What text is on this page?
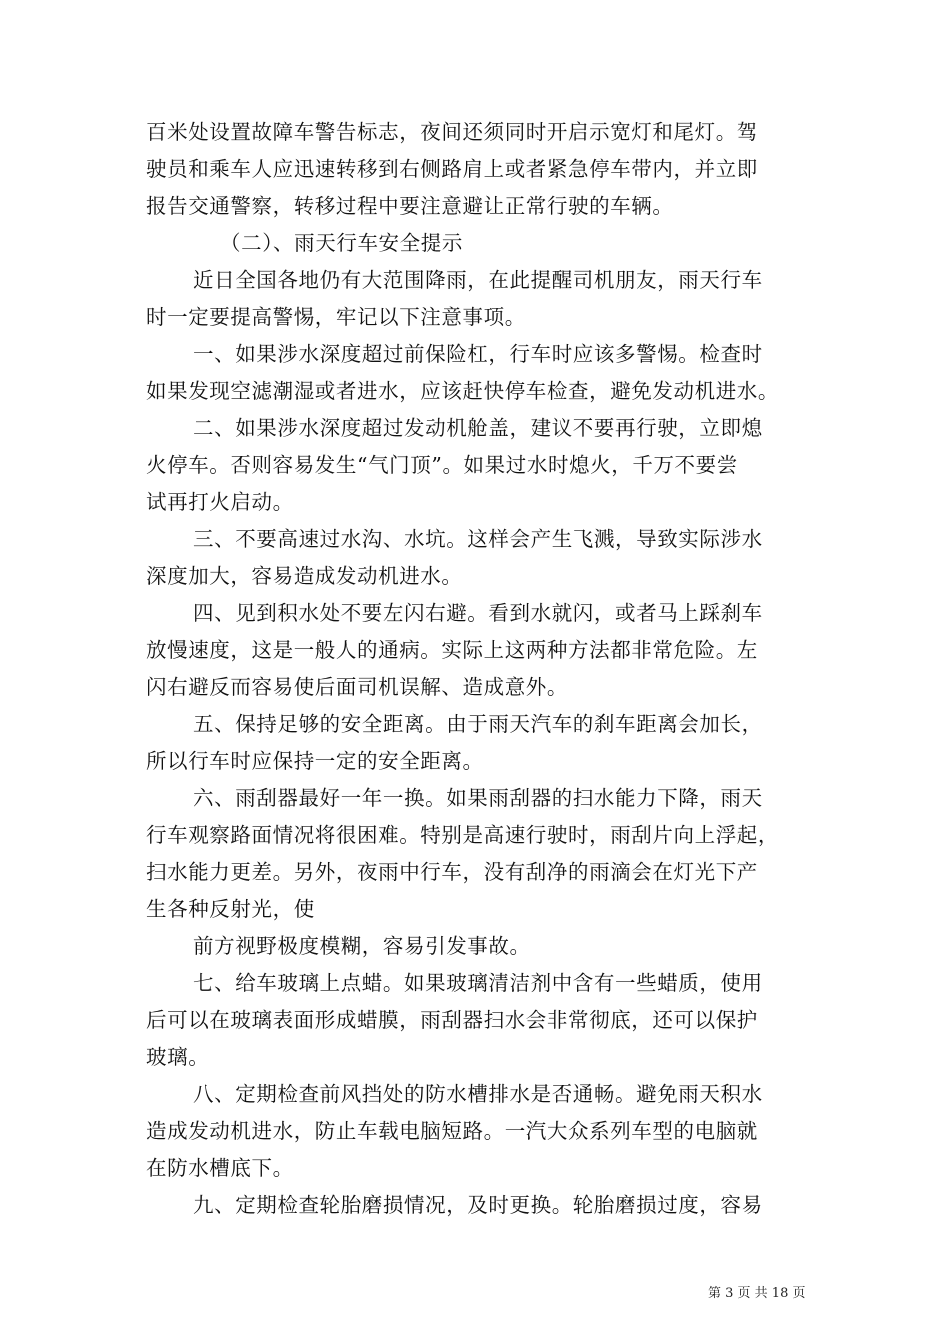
百米处设置故障车警告标志，夜间还须同时开启示宽灯和尾灯。驾
驶员和乘车人应迅速转移到右侧路肩上或者紧急停车带内，并立即
报告交通警察，转移过程中要注意避让正常行驶的车辆。
（二）、雨天行车安全提示
近日全国各地仍有大范围降雨，在此提醒司机朋友，雨天行车
时一定要提高警惕，牢记以下注意事项。
一、如果涉水深度超过前保险杠，行车时应该多警惕。检查时
如果发现空滤潮湿或者进水，应该赶快停车检查，避免发动机进水。
二、如果涉水深度超过发动机舱盖，建议不要再行驶，立即熄
火停车。否则容易发生“气门顶”。如果过水时熄火，千万不要尝
试再打火启动。
三、不要高速过水沟、水坑。这样会产生飞溅，导致实际涉水
深度加大，容易造成发动机进水。
四、见到积水处不要左闪右避。看到水就闪，或者马上踩刹车
放慢速度，这是一般人的通病。实际上这两种方法都非常危险。左
闪右避反而容易使后面司机误解、造成意外。
五、保持足够的安全距离。由于雨天汽车的刹车距离会加长，
所以行车时应保持一定的安全距离。
六、雨刮器最好一年一换。如果雨刮器的扫水能力下降，雨天
行车观察路面情况将很困难。特别是高速行驶时，雨刮片向上浮起，
扫水能力更差。另外，夜雨中行车，没有刮净的雨滴会在灯光下产
生各种反射光，使
前方视野极度模糊，容易引发事故。
七、给车玻璃上点蜡。如果玻璃清洁剂中含有一些蜡质，使用
后可以在玻璃表面形成蜡膜，雨刮器扫水会非常彻底，还可以保护
玻璃。
八、定期检查前风挡处的防水槽排水是否通畅。避免雨天积水
造成发动机进水，防止车载电脑短路。一汽大众系列车型的电脑就
在防水槽底下。
九、定期检查轮胎磨损情况，及时更换。轮胎磨损过度，容易
第 3 页 共 18 页
